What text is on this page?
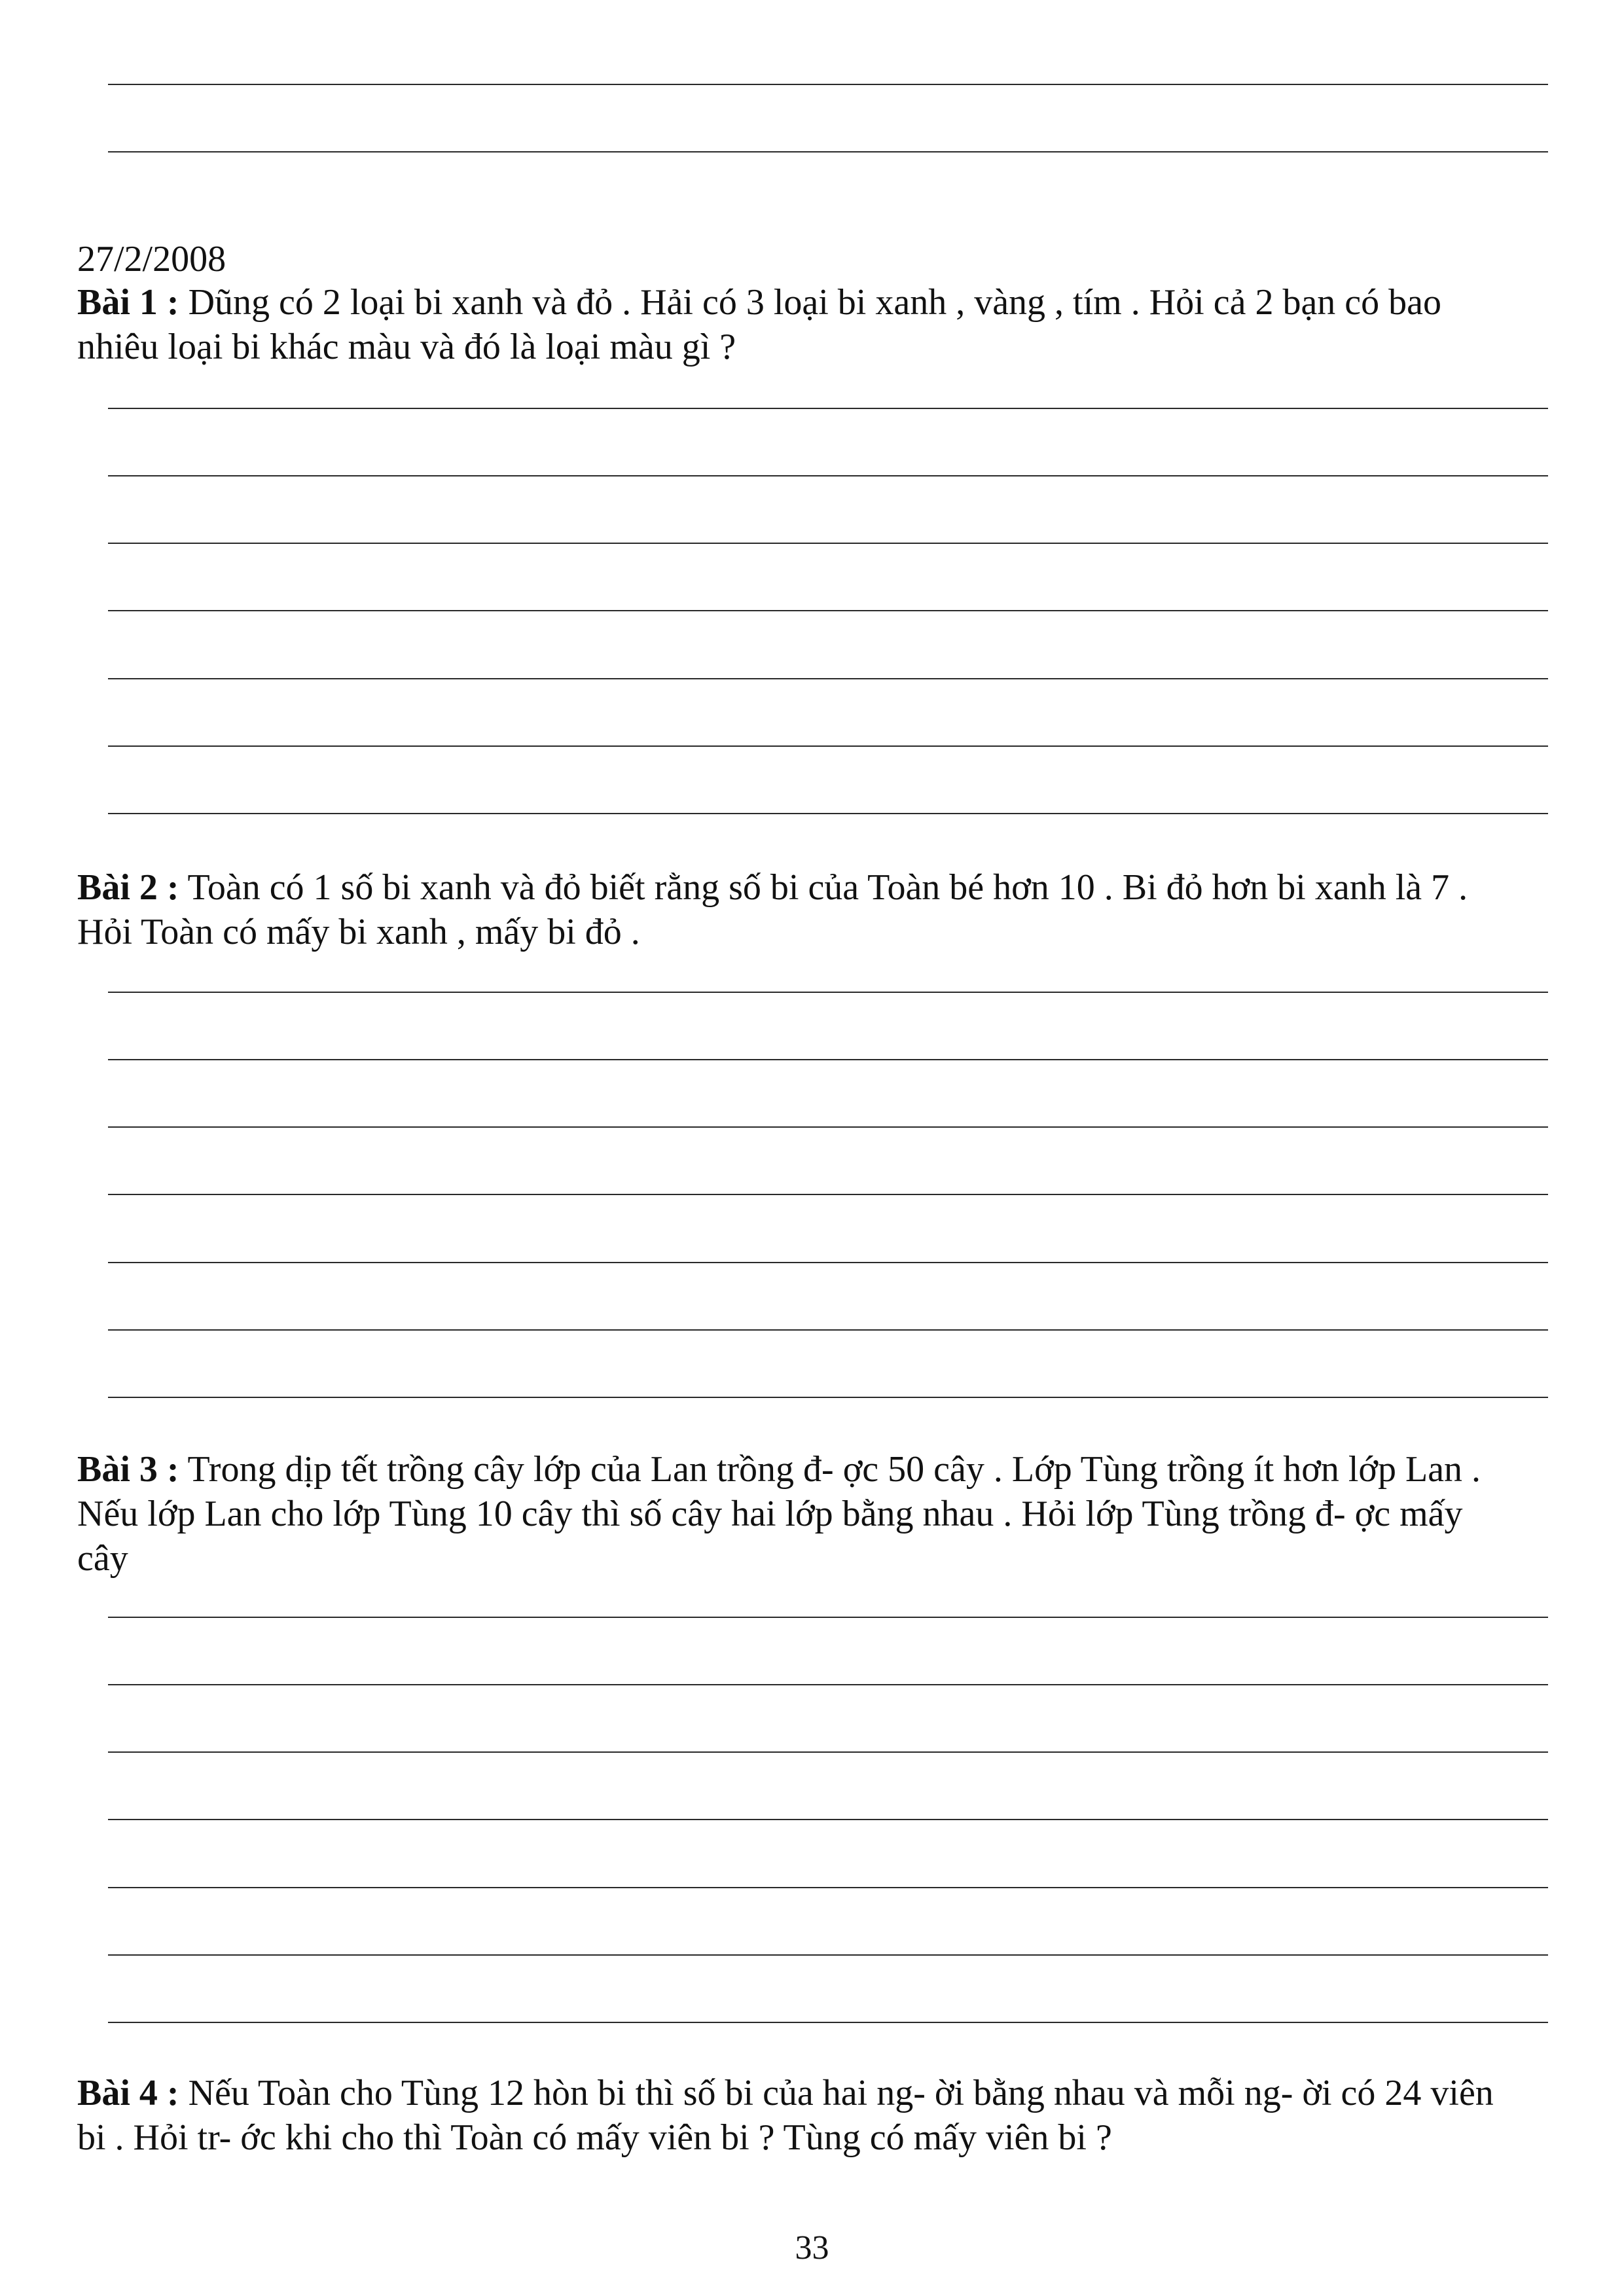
27/2/2008
Bài 1 : Dũng có 2 loại bi xanh và đỏ . Hải có 3 loại bi xanh , vàng , tím . Hỏi cả 2 bạn có bao
nhiêu loại bi khác màu và đó là loại màu gì ?
Bài 2 : Toàn có 1 số bi xanh và đỏ biết rằng số bi của Toàn bé hơn 10 . Bi đỏ hơn bi xanh là 7 .
Hỏi Toàn có mấy bi xanh , mấy bi đỏ .
Bài 3 : Trong dịp tết trồng cây lớp của Lan trồng đ- ợc 50 cây . Lớp Tùng trồng ít hơn lớp Lan .
Nếu lớp Lan cho lớp Tùng 10 cây thì số cây hai lớp bằng nhau . Hỏi lớp Tùng trồng đ- ợc mấy
cây
Bài 4 : Nếu Toàn cho Tùng 12 hòn bi thì số bi của hai ng- ời bằng nhau và mỗi ng- ời có 24 viên
bi . Hỏi tr- ớc khi cho thì Toàn có mấy viên bi ? Tùng có mấy viên bi ?
33
